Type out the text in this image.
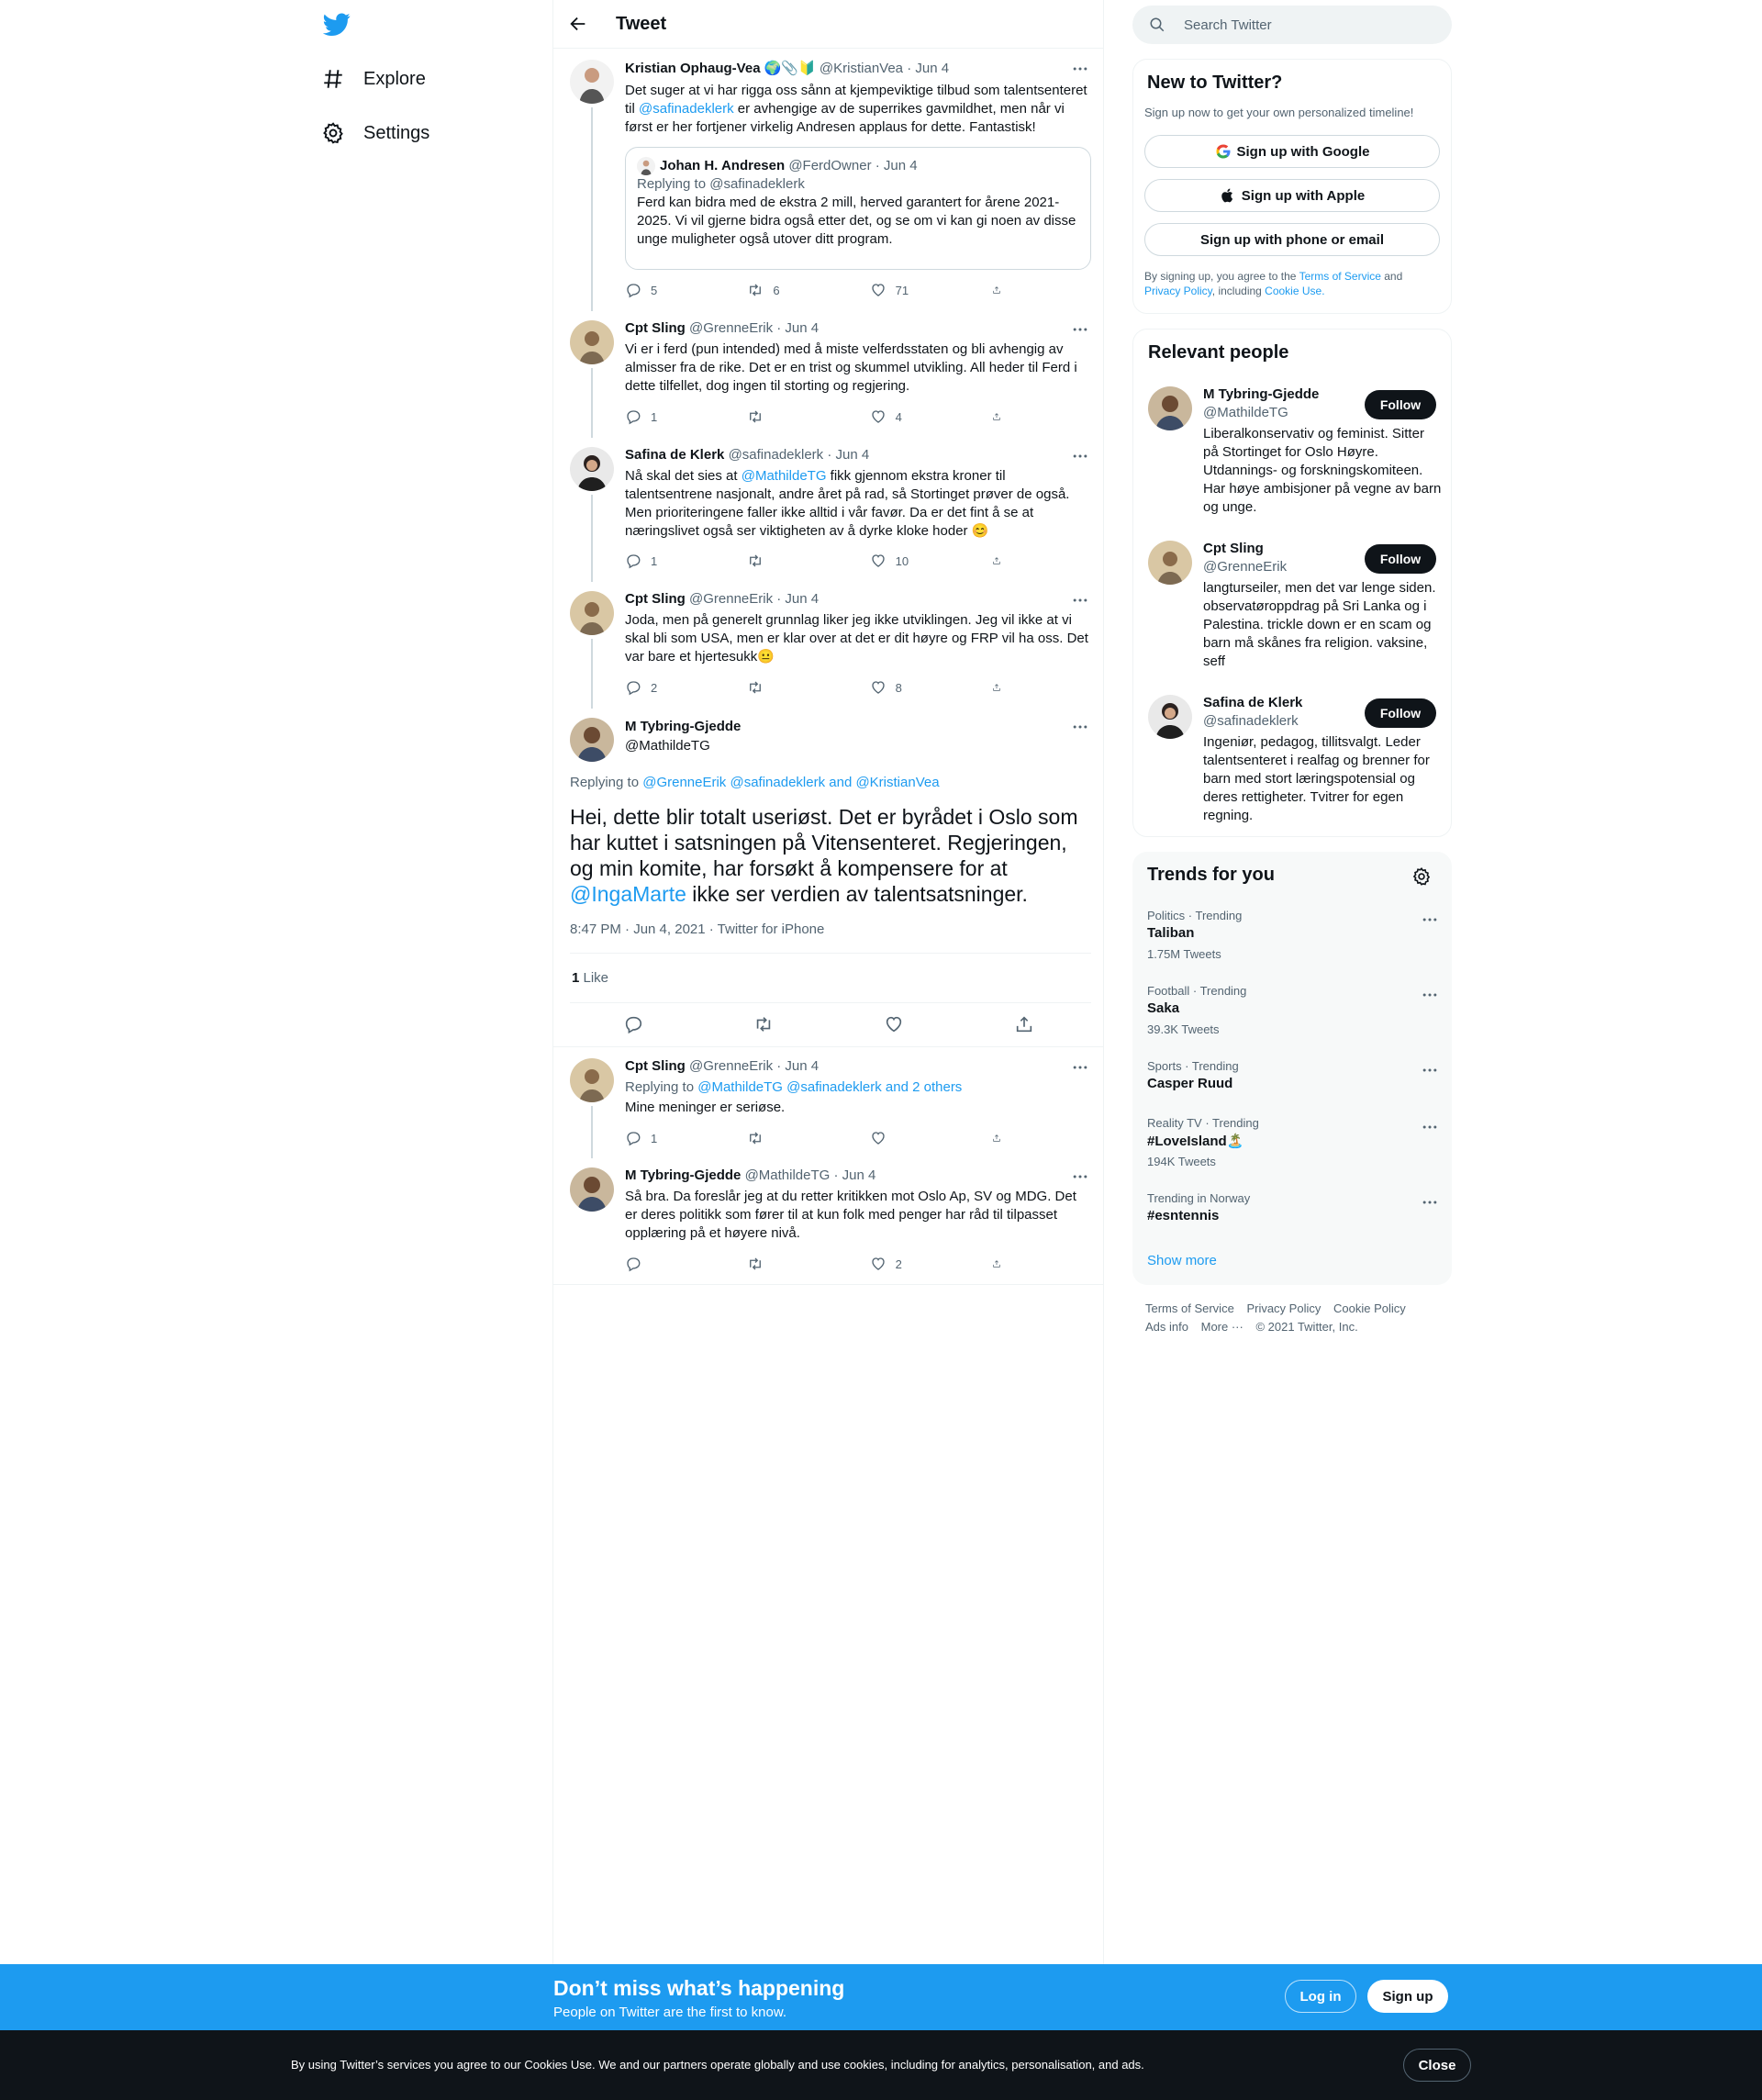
Explore
Settings
Tweet
Kristian Ophaug-Vea 🌍📎🔰 @KristianVea · Jun 4
Det suger at vi har rigga oss sånn at kjempeviktige tilbud som talentsenteret til @safinadeklerk er avhengige av de superrikes gavmildhet, men når vi først er her fortjener virkelig Andresen applaus for dette. Fantastisk!
Johan H. Andresen
@FerdOwner
· Jun 4
Replying to @safinadeklerk
Ferd kan bidra med de ekstra 2 mill, herved garantert for årene 2021-2025. Vi vil gjerne bidra også etter det, og se om vi kan gi noen av disse unge muligheter også utover ditt program.
5	6	71
Cpt Sling @GrenneErik · Jun 4
Vi er i ferd (pun intended) med å miste velferdsstaten og bli avhengig av almisser fra de rike. Det er en trist og skummel utvikling. All heder til Ferd i dette tilfellet, dog ingen til storting og regjering.
1	4
Safina de Klerk @safinadeklerk · Jun 4
Nå skal det sies at @MathildeTG fikk gjennom ekstra kroner til talentsentrene nasjonalt, andre året på rad, så Stortinget prøver de også. Men prioriteringene faller ikke alltid i vår favør. Da er det fint å se at næringslivet også ser viktigheten av å dyrke kloke hoder 😊
1	10
Cpt Sling @GrenneErik · Jun 4
Joda, men på generelt grunnlag liker jeg ikke utviklingen. Jeg vil ikke at vi skal bli som USA, men er klar over at det er dit høyre og FRP vil ha oss. Det var bare et hjertesukk😐
2	8
M Tybring-Gjedde
@MathildeTG
Replying to @GrenneErik @safinadeklerk and @KristianVea
Hei, dette blir totalt useriøst. Det er byrådet i Oslo som har kuttet i satsningen på Vitensenteret. Regjeringen, og min komite, har forsøkt å kompensere for at @IngaMarte ikke ser verdien av talentsatsninger.
8:47 PM · Jun 4, 2021 · Twitter for iPhone
1 Like
Cpt Sling @GrenneErik · Jun 4
Replying to @MathildeTG @safinadeklerk and 2 others
Mine meninger er seriøse.
1
M Tybring-Gjedde @MathildeTG · Jun 4
Så bra. Da foreslår jeg at du retter kritikken mot Oslo Ap, SV og MDG. Det er deres politikk som fører til at kun folk med penger har råd til tilpasset opplæring på et høyere nivå.
2
Search Twitter
New to Twitter?
Sign up now to get your own personalized timeline!
Sign up with Google
Sign up with Apple
Sign up with phone or email
By signing up, you agree to the Terms of Service and Privacy Policy, including Cookie Use.
Relevant people
M Tybring-Gjedde
@MathildeTG	Follow
Liberalkonservativ og feminist. Sitter på Stortinget for Oslo Høyre. Utdannings- og forskningskomiteen. Har høye ambisjoner på vegne av barn og unge.
Cpt Sling
@GrenneErik	Follow
langturseiler, men det var lenge siden. observatøroppdrag på Sri Lanka og i Palestina. trickle down er en scam og barn må skånes fra religion. vaksine, seff
Safina de Klerk
@safinadeklerk	Follow
Ingeniør, pedagog, tillitsvalgt. Leder talentsenteret i realfag og brenner for barn med stort læringspotensial og deres rettigheter. Tvitrer for egen regning.
Trends for you
Politics · Trending
Taliban
1.75M Tweets
Football · Trending
Saka
39.3K Tweets
Sports · Trending
Casper Ruud
Reality TV · Trending
#LoveIsland🏝️
194K Tweets
Trending in Norway
#esntennis
Show more
Terms of Service Privacy Policy Cookie Policy
Ads info More ··· © 2021 Twitter, Inc.
Don’t miss what’s happening
People on Twitter are the first to know.
Log in	Sign up
By using Twitter’s services you agree to our Cookies Use. We and our partners operate globally and use cookies, including for analytics, personalisation, and ads.	Close
